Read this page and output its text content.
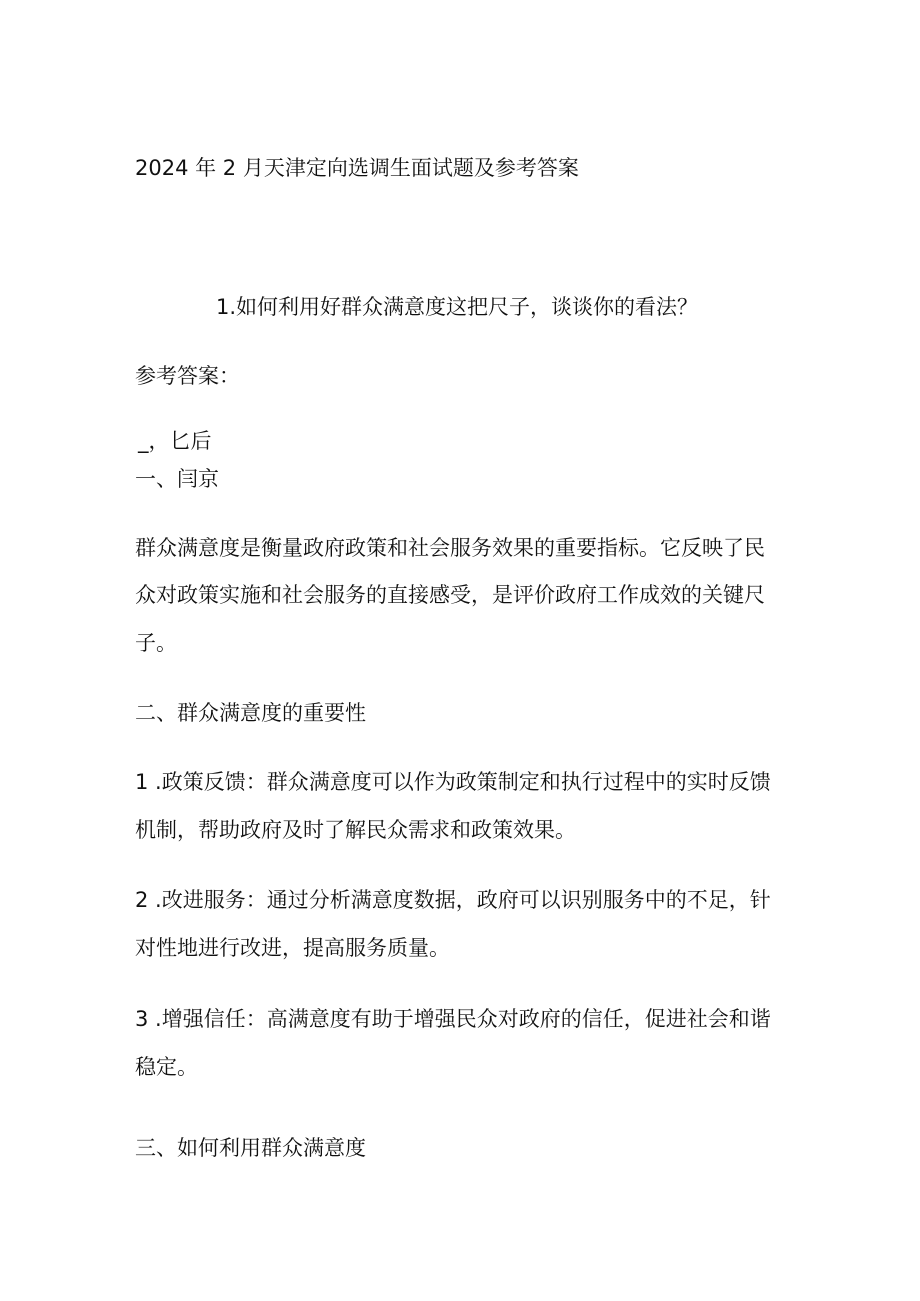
2024 年 2 月天津定向选调生面试题及参考答案
1.如何利用好群众满意度这把尺子，谈谈你的看法？
参考答案：
_，匕后
一、闫京
群众满意度是衡量政府政策和社会服务效果的重要指标。它反映了民
众对政策实施和社会服务的直接感受，是评价政府工作成效的关键尺
子。
二、群众满意度的重要性
1 .政策反馈：群众满意度可以作为政策制定和执行过程中的实时反馈
机制，帮助政府及时了解民众需求和政策效果。
2 .改进服务：通过分析满意度数据，政府可以识别服务中的不足，针
对性地进行改进，提高服务质量。
3 .增强信任：高满意度有助于增强民众对政府的信任，促进社会和谐
稳定。
三、如何利用群众满意度
